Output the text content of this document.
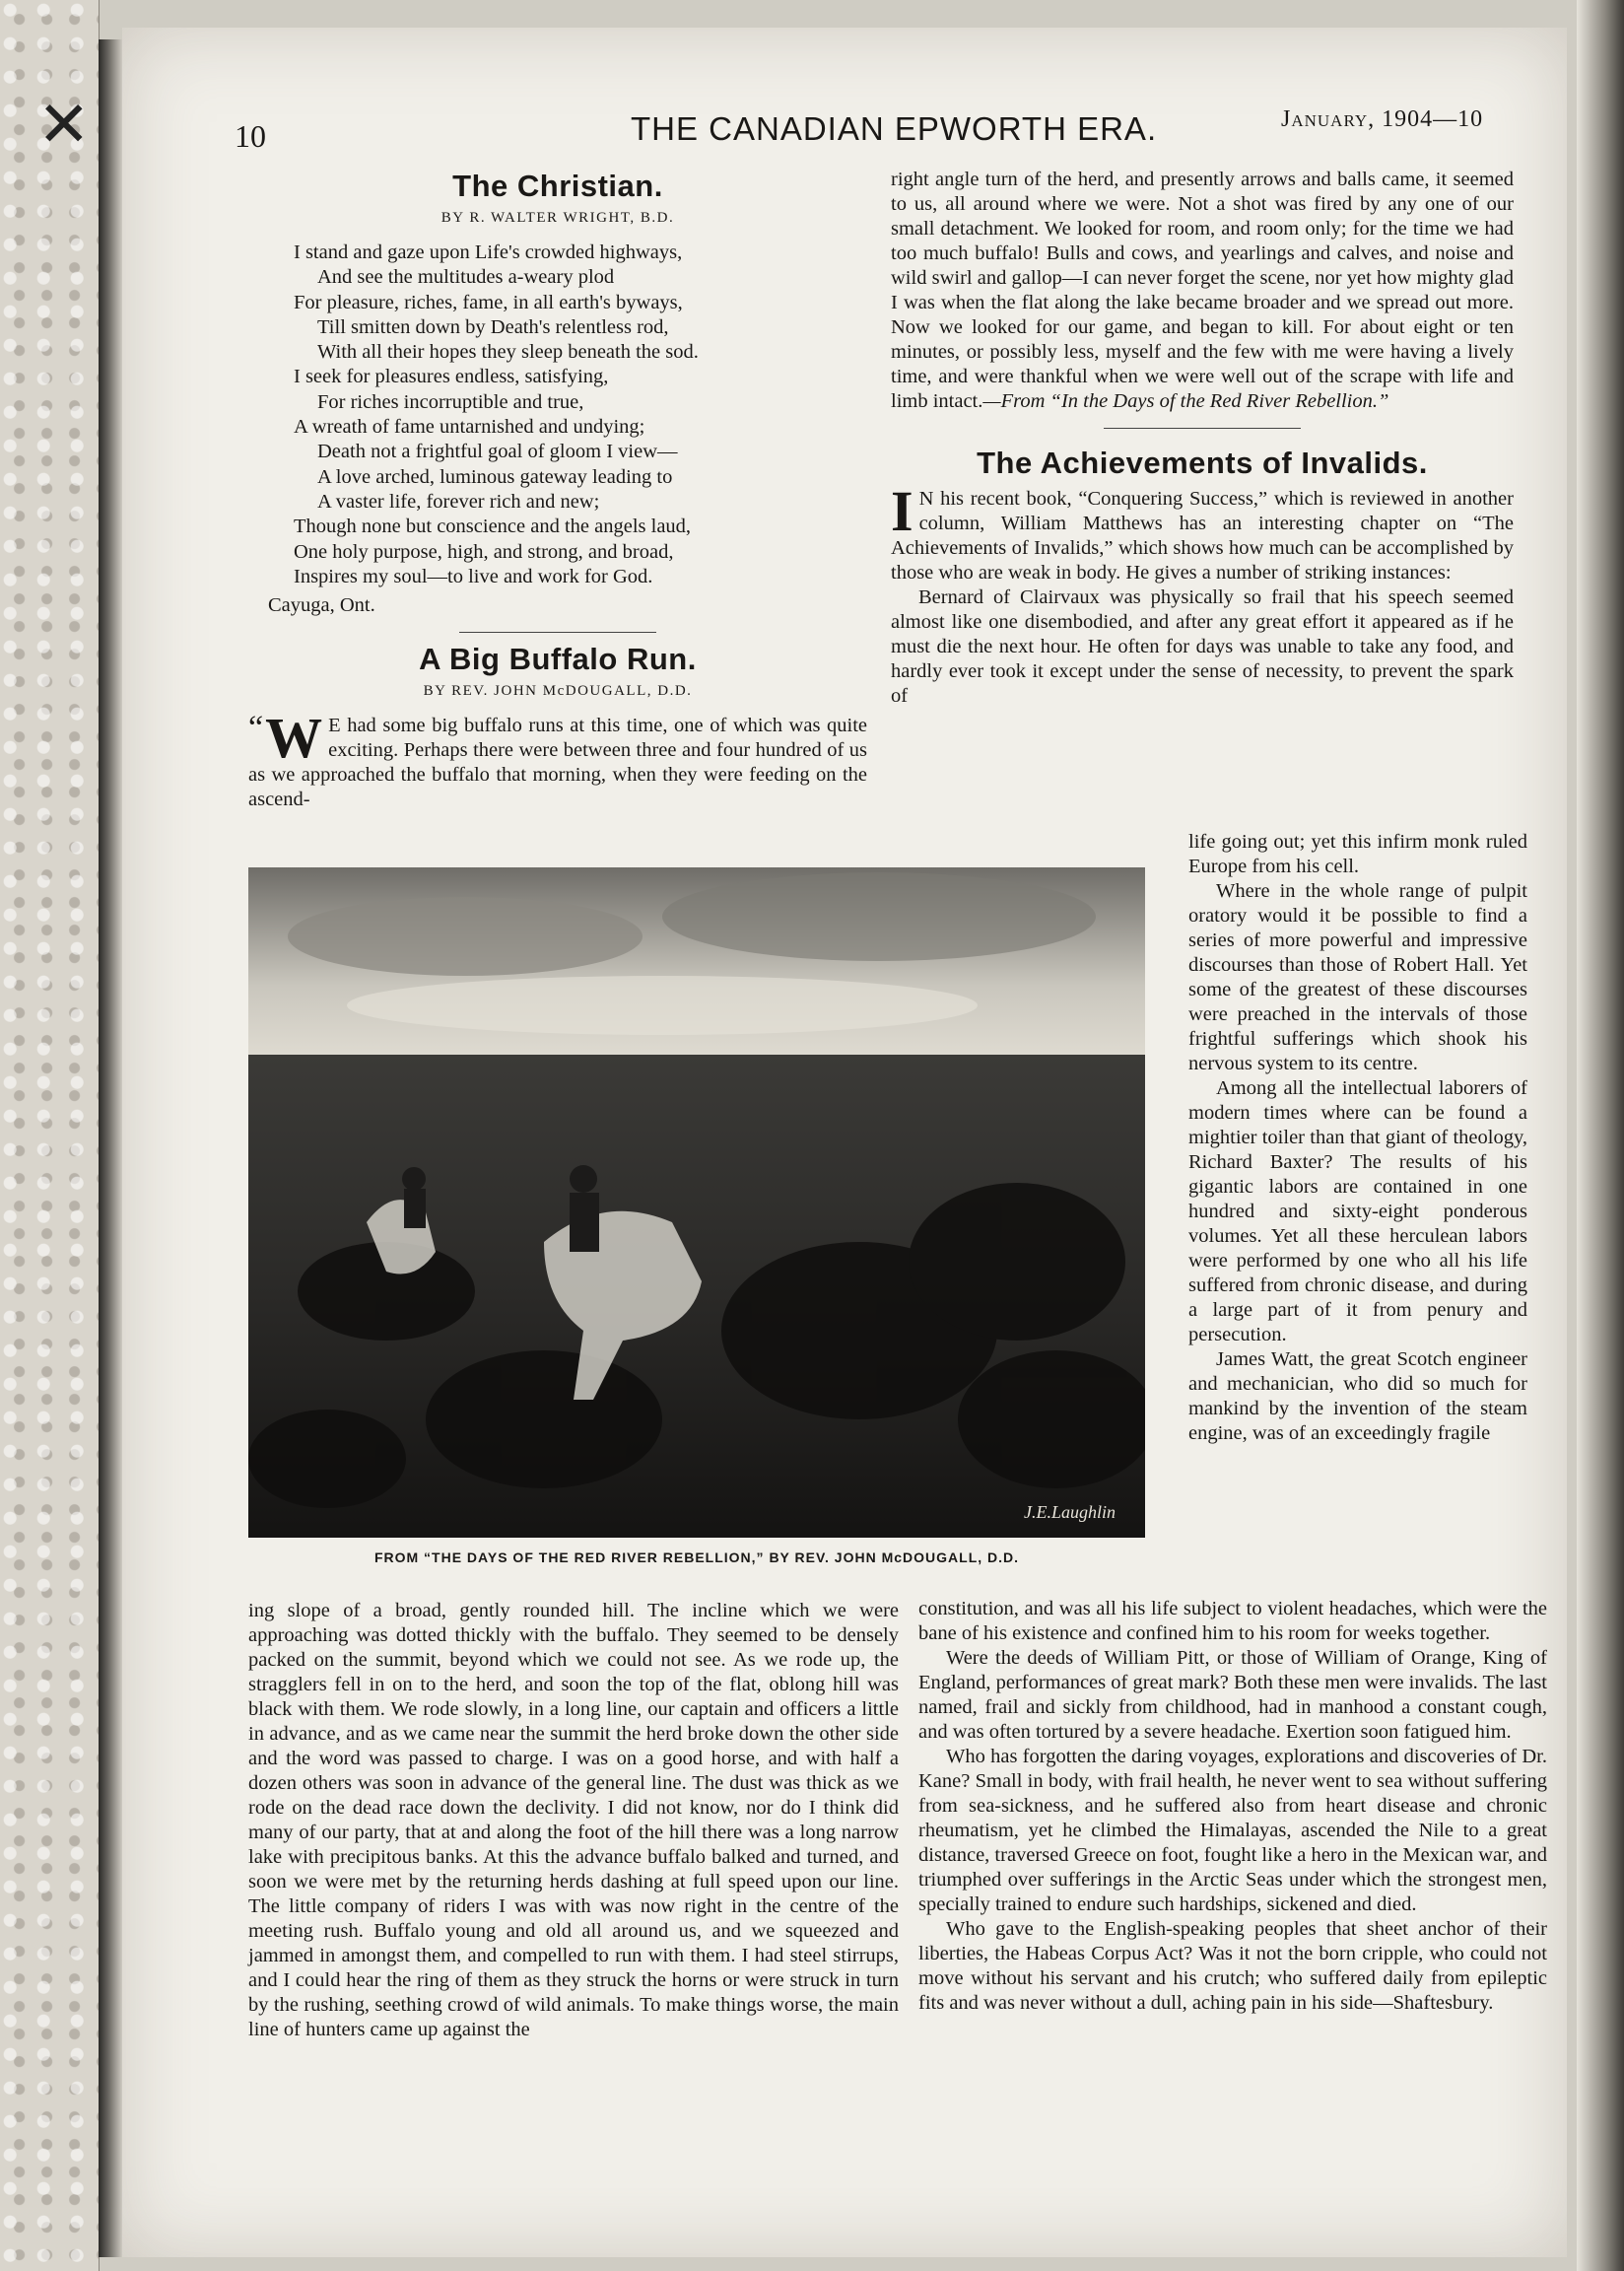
✕	10	THE CANADIAN EPWORTH ERA.	January, 1904—10
The Christian.
BY R. WALTER WRIGHT, B.D.
I stand and gaze upon Life's crowded highways,
And see the multitudes a-weary plod
For pleasure, riches, fame, in all earth's byways,
Till smitten down by Death's relentless rod,
With all their hopes they sleep beneath the sod.
I seek for pleasures endless, satisfying,
For riches incorruptible and true,
A wreath of fame untarnished and undying;
Death not a frightful goal of gloom I view—
A love arched, luminous gateway leading to
A vaster life, forever rich and new;
Though none but conscience and the angels laud,
One holy purpose, high, and strong, and broad,
Inspires my soul—to live and work for God.
Cayuga, Ont.
A Big Buffalo Run.
BY REV. JOHN McDOUGALL, D.D.

“ W E had some big buffalo runs at this time, one of which was quite exciting. Perhaps there were between three and four hundred of us as we approached the buffalo that morning, when they were feeding on the ascend-

right angle turn of the herd, and presently arrows and balls came, it seemed to us, all around where we were. Not a shot was fired by any one of our small detachment. We looked for room, and room only; for the time we had too much buffalo! Bulls and cows, and yearlings and calves, and noise and wild swirl and gallop—I can never forget the scene, nor yet how mighty glad I was when the flat along the lake became broader and we spread out more. Now we looked for our game, and began to kill. For about eight or ten minutes, or possibly less, myself and the few with me were having a lively time, and were thankful when we were well out of the scrape with life and limb intact.—From “In the Days of the Red River Rebellion.”

The Achievements of Invalids.

I N his recent book, “Conquering Success,” which is reviewed in another column, William Matthews has an interesting chapter on “The Achievements of Invalids,” which shows how much can be accomplished by those who are weak in body. He gives a number of striking instances:

Bernard of Clairvaux was physically so frail that his speech seemed almost like one disembodied, and after any great effort it appeared as if he must die the next hour. He often for days was unable to take any food, and hardly ever took it except under the sense of necessity, to prevent the spark of

life going out; yet this infirm monk ruled Europe from his cell.

Where in the whole range of pulpit oratory would it be possible to find a series of more powerful and impressive discourses than those of Robert Hall. Yet some of the greatest of these discourses were preached in the intervals of those frightful sufferings which shook his nervous system to its centre.

Among all the intellectual laborers of modern times where can be found a mightier toiler than that giant of theology, Richard Baxter? The results of his gigantic labors are contained in one hundred and sixty-eight ponderous volumes. Yet all these herculean labors were performed by one who all his life suffered from chronic disease, and during a large part of it from penury and persecution.

James Watt, the great Scotch engineer and mechanician, who did so much for mankind by the invention of the steam engine, was of an exceedingly fragile

J.E.Laughlin
FROM “THE DAYS OF THE RED RIVER REBELLION,” BY REV. JOHN McDOUGALL, D.D.

ing slope of a broad, gently rounded hill. The incline which we were approaching was dotted thickly with the buffalo. They seemed to be densely packed on the summit, beyond which we could not see. As we rode up, the stragglers fell in on to the herd, and soon the top of the flat, oblong hill was black with them. We rode slowly, in a long line, our captain and officers a little in advance, and as we came near the summit the herd broke down the other side and the word was passed to charge. I was on a good horse, and with half a dozen others was soon in advance of the general line. The dust was thick as we rode on the dead race down the declivity. I did not know, nor do I think did many of our party, that at and along the foot of the hill there was a long narrow lake with precipitous banks. At this the advance buffalo balked and turned, and soon we were met by the returning herds dashing at full speed upon our line. The little company of riders I was with was now right in the centre of the meeting rush. Buffalo young and old all around us, and we squeezed and jammed in amongst them, and compelled to run with them. I had steel stirrups, and I could hear the ring of them as they struck the horns or were struck in turn by the rushing, seething crowd of wild animals. To make things worse, the main line of hunters came up against the

constitution, and was all his life subject to violent headaches, which were the bane of his existence and confined him to his room for weeks together.

Were the deeds of William Pitt, or those of William of Orange, King of England, performances of great mark? Both these men were invalids. The last named, frail and sickly from childhood, had in manhood a constant cough, and was often tortured by a severe headache. Exertion soon fatigued him.

Who has forgotten the daring voyages, explorations and discoveries of Dr. Kane? Small in body, with frail health, he never went to sea without suffering from sea-sickness, and he suffered also from heart disease and chronic rheumatism, yet he climbed the Himalayas, ascended the Nile to a great distance, traversed Greece on foot, fought like a hero in the Mexican war, and triumphed over sufferings in the Arctic Seas under which the strongest men, specially trained to endure such hardships, sickened and died.

Who gave to the English-speaking peoples that sheet anchor of their liberties, the Habeas Corpus Act? Was it not the born cripple, who could not move without his servant and his crutch; who suffered daily from epileptic fits and was never without a dull, aching pain in his side—Shaftesbury.
